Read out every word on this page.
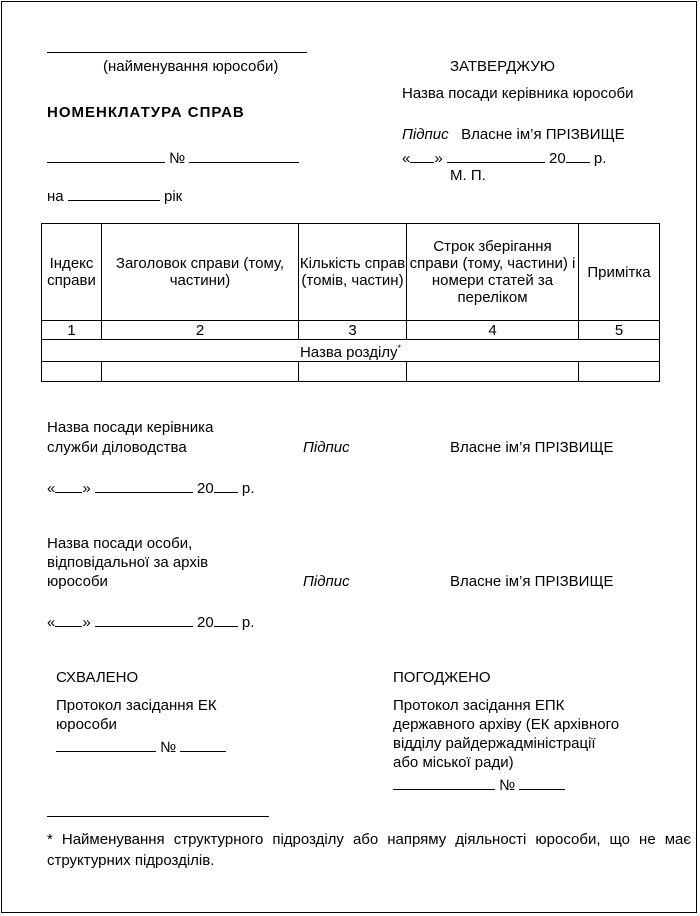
(найменування юрособи)
НОМЕНКЛАТУРА СПРАВ
№
на	рік
ЗАТВЕРДЖУЮ
Назва посади керівника юрособи
Підпис Власне ім’я ПРІЗВИЩЕ
« »	20 р.
М. П.
Індекс справи	Заголовок справи (тому, частини)	Кількість справ (томів, частин)	Строк зберігання справи (тому, частини) і номери статей за переліком	Примітка
1	2	3	4	5
Назва розділу*

Назва посади керівника
служби діловодства	Підпис	Власне ім’я ПРІЗВИЩЕ
« »	20 р.
Назва посади особи,
відповідальної за архів
юрособи	Підпис	Власне ім’я ПРІЗВИЩЕ
« »	20 р.
СХВАЛЕНО
Протокол засідання ЕК
юрособи
№
ПОГОДЖЕНО
Протокол засідання ЕПК
державного архіву (ЕК архівного
відділу райдержадміністрації
або міської ради)
№
* Найменування структурного підрозділу або напряму діяльності юрособи, що не має структурних підрозділів.
